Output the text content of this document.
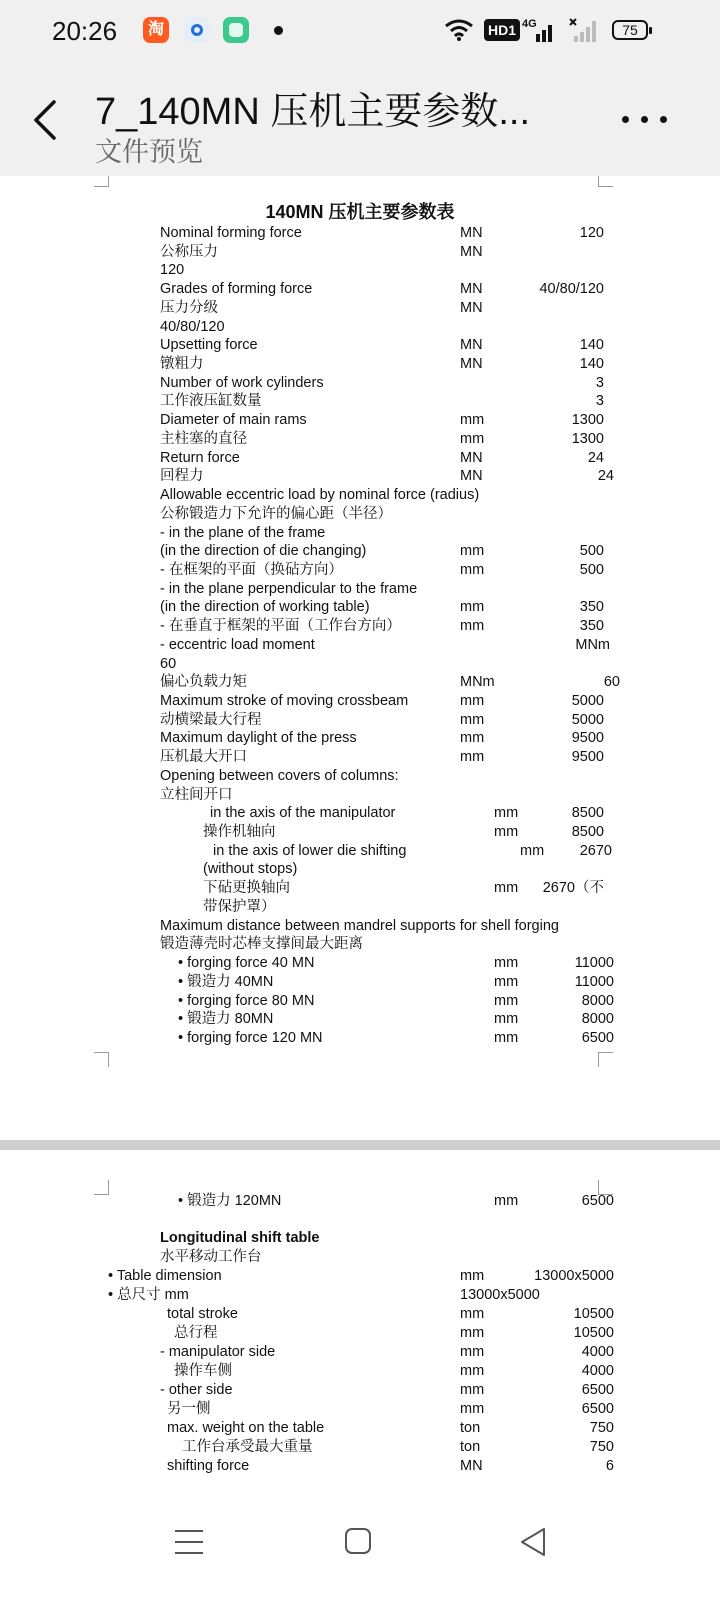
20:26	淘	HD1 4G	75
7_140MN 压机主要参数...
文件预览
140MN 压机主要参数表
Nominal forming force	MN	120
公称压力	MN
120
Grades of forming force	MN	40/80/120
压力分级	MN
40/80/120
Upsetting force	MN	140
镦粗力	MN	140
Number of work cylinders	3
工作液压缸数量	3
Diameter of main rams	mm	1300
主柱塞的直径	mm	1300
Return force	MN	24
回程力	MN	24
Allowable eccentric load by nominal force (radius)
公称锻造力下允许的偏心距（半径）
- in the plane of the frame
(in the direction of die changing)	mm	500
- 在框架的平面（换砧方向）	mm	500
- in the plane perpendicular to the frame
(in the direction of working table)	mm	350
- 在垂直于框架的平面（工作台方向）	mm	350
- eccentric load moment	MNm
60
偏心负载力矩	MNm	60
Maximum stroke of moving crossbeam	mm	5000
动横梁最大行程	mm	5000
Maximum daylight of the press	mm	9500
压机最大开口	mm	9500
Opening between covers of columns:
立柱间开口
in the axis of the manipulator	mm	8500
操作机轴向	mm	8500
in the axis of lower die shifting	mm 2670
(without stops)
下砧更换轴向	mm 2670（不
带保护罩）
Maximum distance between mandrel supports for shell forging
锻造薄壳时芯棒支撑间最大距离
• forging force 40 MN	mm	11000
• 锻造力 40MN	mm	11000
• forging force 80 MN	mm	8000
• 锻造力 80MN	mm	8000
• forging force 120 MN	mm	6500
• 锻造力 120MN	mm	6500
Longitudinal shift table
水平移动工作台
• Table dimension	mm	13000x5000
• 总尺寸 mm	13000x5000
total stroke	mm	10500
总行程	mm	10500
- manipulator side	mm	4000
操作车侧	mm	4000
- other side	mm	6500
另一侧	mm	6500
max. weight on the table	ton	750
工作台承受最大重量	ton	750
shifting force	MN	6
